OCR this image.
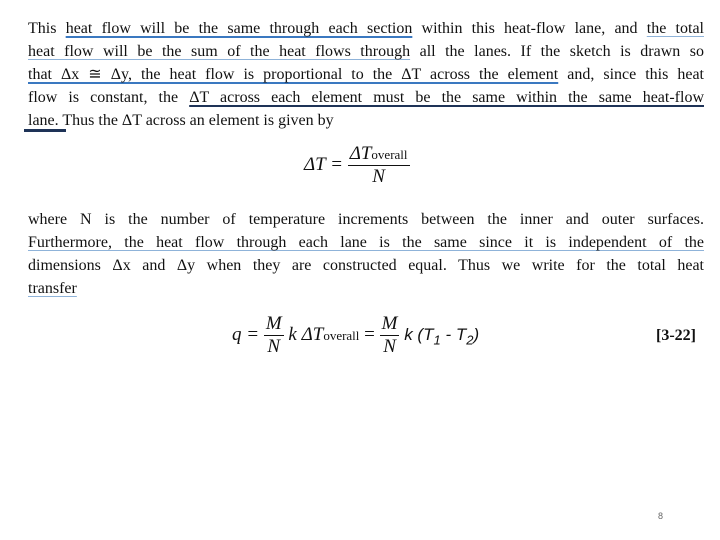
This heat flow will be the same through each section within this heat-flow lane, and the total
heat flow will be the sum of the heat flows through all the lanes. If the sketch is drawn so
that Δx ≅ Δy, the heat flow is proportional to the ΔT across the element and, since this heat
flow is constant, the ΔT across each element must be the same within the same heat-flow
lane. Thus the ΔT across an element is given by
$\Delta T = \frac{\text{ΔToverall}}{N}$
where N is the number of temperature increments between the inner and outer surfaces.
Furthermore, the heat flow through each lane is the same since it is independent of the
dimensions Δx and Δy when they are constructed equal. Thus we write for the total heat
transfer
$q = \frac{M}{N}$ k ΔToverall = $\frac{M}{N}$ k $(T_1 - T_2)$	[3-22]
8
